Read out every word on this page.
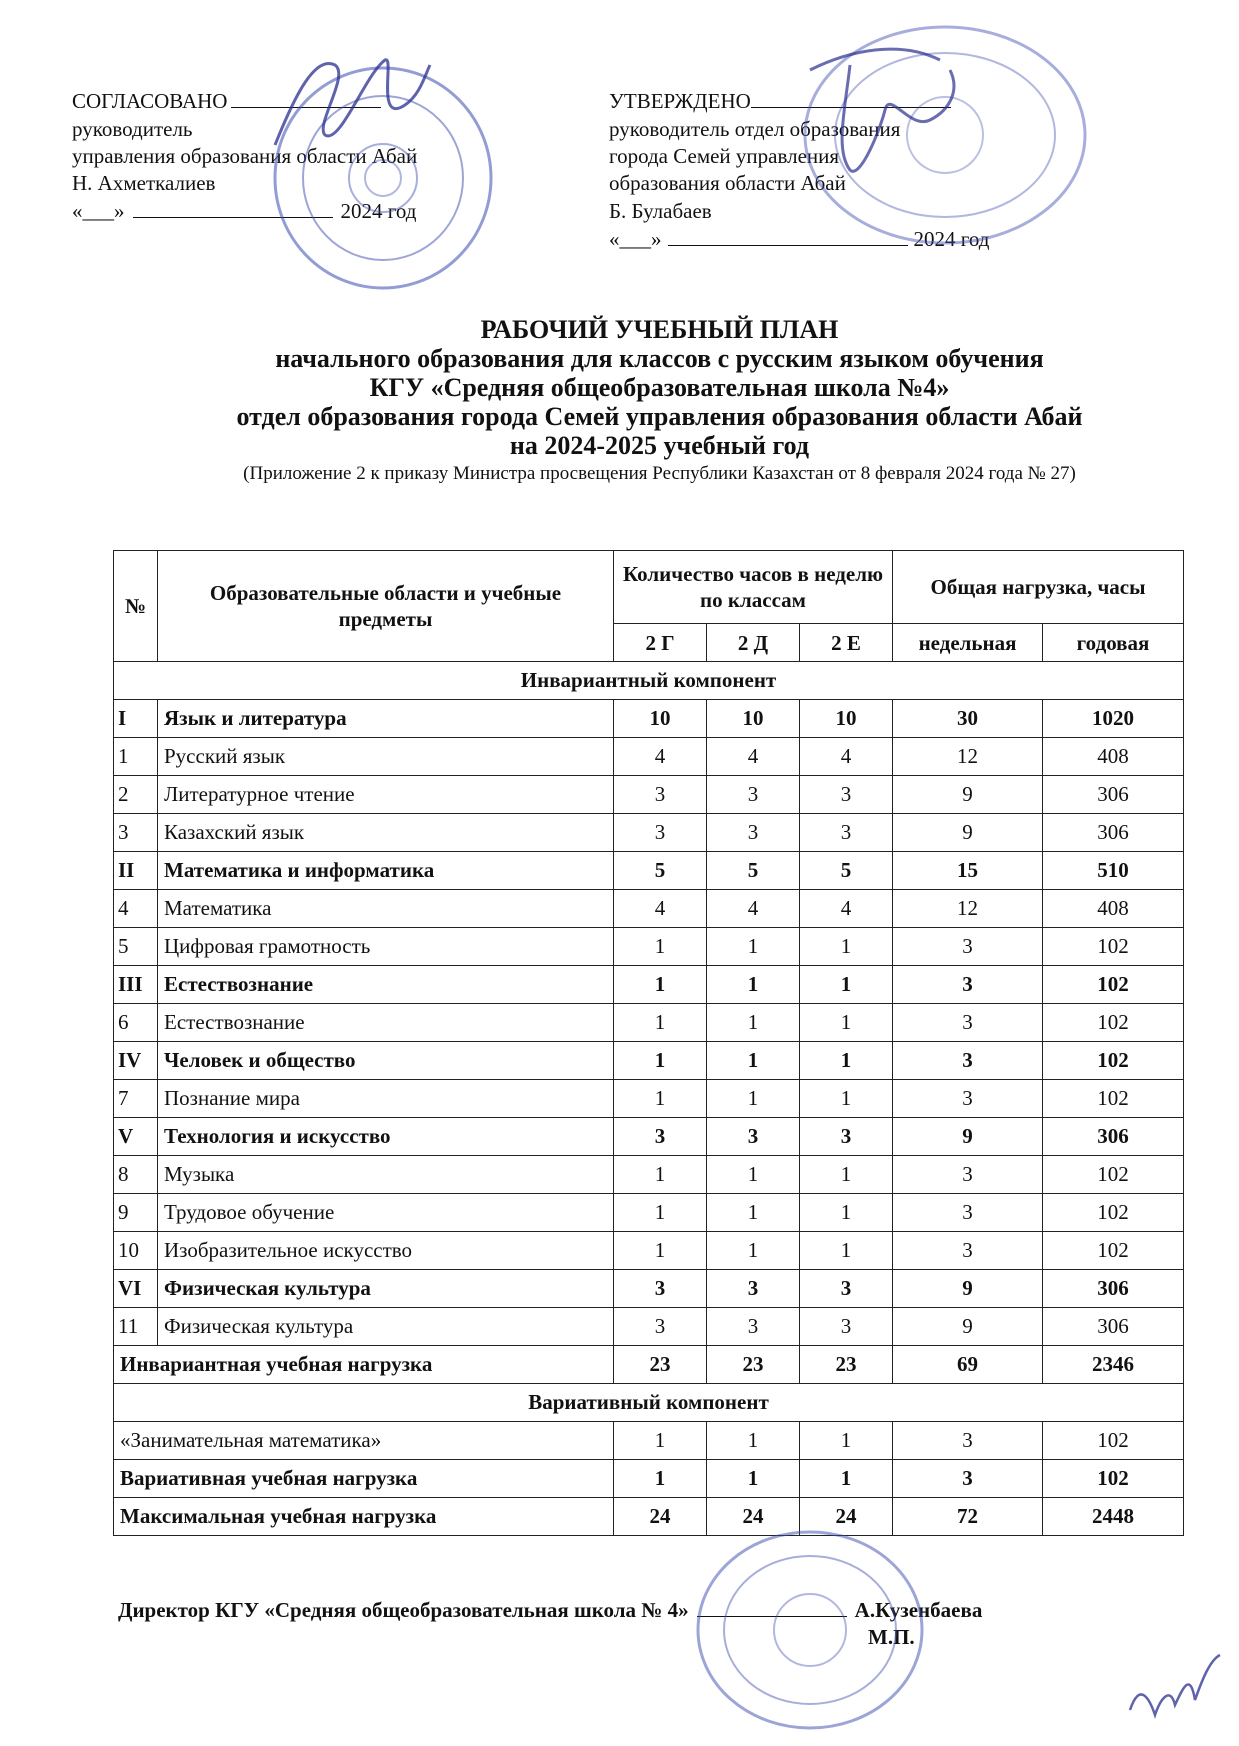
СОГЛАСОВАНО
руководитель
управления образования области Абай
Н. Ахметкалиев
«___»	2024 год
УТВЕРЖДЕНО
руководитель отдел образования
города Семей управления
образования области Абай
Б. Булабаев
«___»	2024 год
РАБОЧИЙ УЧЕБНЫЙ ПЛАН
начального образования для классов с русским языком обучения
КГУ «Средняя общеобразовательная школа №4»
отдел образования города Семей управления образования области Абай
на 2024-2025 учебный год
(Приложение 2 к приказу Министра просвещения Республики Казахстан от 8 февраля 2024 года № 27)
№	Образовательные области и учебные предметы	Количество часов в неделю по классам			Общая нагрузка, часы	
		2 Г	2 Д	2 Е	недельная	годовая
Инвариантный компонент						
I	Язык и литература	10	10	10	30	1020
1	Русский язык	4	4	4	12	408
2	Литературное чтение	3	3	3	9	306
3	Казахский язык	3	3	3	9	306
II	Математика и информатика	5	5	5	15	510
4	Математика	4	4	4	12	408
5	Цифровая грамотность	1	1	1	3	102
III	Естествознание	1	1	1	3	102
6	Естествознание	1	1	1	3	102
IV	Человек и общество	1	1	1	3	102
7	Познание мира	1	1	1	3	102
V	Технология и искусство	3	3	3	9	306
8	Музыка	1	1	1	3	102
9	Трудовое обучение	1	1	1	3	102
10	Изобразительное искусство	1	1	1	3	102
VI	Физическая культура	3	3	3	9	306
11	Физическая культура	3	3	3	9	306
Инвариантная учебная нагрузка		23	23	23	69	2346
Вариативный компонент						
«Занимательная математика»		1	1	1	3	102
Вариативная учебная нагрузка		1	1	1	3	102
Максимальная учебная нагрузка		24	24	24	72	2448
Директор КГУ «Средняя общеобразовательная школа № 4»	А.Кузенбаева
М.П.
